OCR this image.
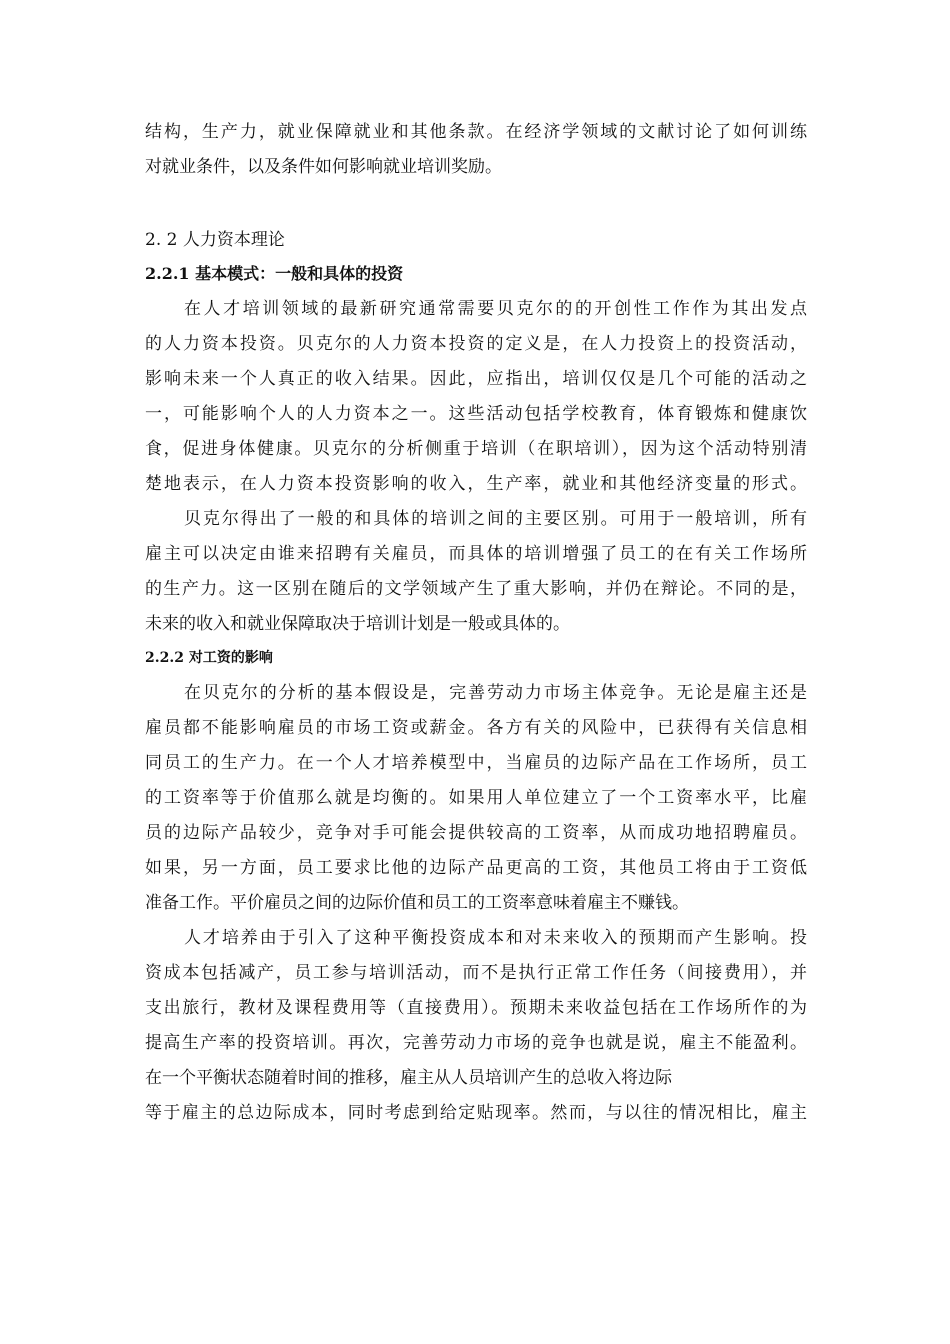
结构，生产力，就业保障就业和其他条款。在经济学领域的文献讨论了如何训练
对就业条件，以及条件如何影响就业培训奖励。
2. 2 人力资本理论
2.2.1 基本模式：一般和具体的投资
在人才培训领域的最新研究通常需要贝克尔的的开创性工作作为其出发点
的人力资本投资。贝克尔的人力资本投资的定义是，在人力投资上的投资活动，
影响未来一个人真正的收入结果。因此，应指出，培训仅仅是几个可能的活动之
一，可能影响个人的人力资本之一。这些活动包括学校教育，体育锻炼和健康饮
食，促进身体健康。贝克尔的分析侧重于培训（在职培训），因为这个活动特别清
楚地表示，在人力资本投资影响的收入，生产率，就业和其他经济变量的形式。
贝克尔得出了一般的和具体的培训之间的主要区别。可用于一般培训，所有
雇主可以决定由谁来招聘有关雇员，而具体的培训增强了员工的在有关工作场所
的生产力。这一区别在随后的文学领域产生了重大影响，并仍在辩论。不同的是，
未来的收入和就业保障取决于培训计划是一般或具体的。
2.2.2 对工资的影响
在贝克尔的分析的基本假设是，完善劳动力市场主体竞争。无论是雇主还是
雇员都不能影响雇员的市场工资或薪金。各方有关的风险中，已获得有关信息相
同员工的生产力。在一个人才培养模型中，当雇员的边际产品在工作场所，员工
的工资率等于价值那么就是均衡的。如果用人单位建立了一个工资率水平，比雇
员的边际产品较少，竞争对手可能会提供较高的工资率，从而成功地招聘雇员。
如果，另一方面，员工要求比他的边际产品更高的工资，其他员工将由于工资低
准备工作。平价雇员之间的边际价值和员工的工资率意味着雇主不赚钱。
人才培养由于引入了这种平衡投资成本和对未来收入的预期而产生影响。投
资成本包括减产，员工参与培训活动，而不是执行正常工作任务（间接费用），并
支出旅行，教材及课程费用等（直接费用）。预期未来收益包括在工作场所作的为
提高生产率的投资培训。再次，完善劳动力市场的竞争也就是说，雇主不能盈利。
在一个平衡状态随着时间的推移，雇主从人员培训产生的总收入将边际
等于雇主的总边际成本，同时考虑到给定贴现率。然而，与以往的情况相比，雇主
